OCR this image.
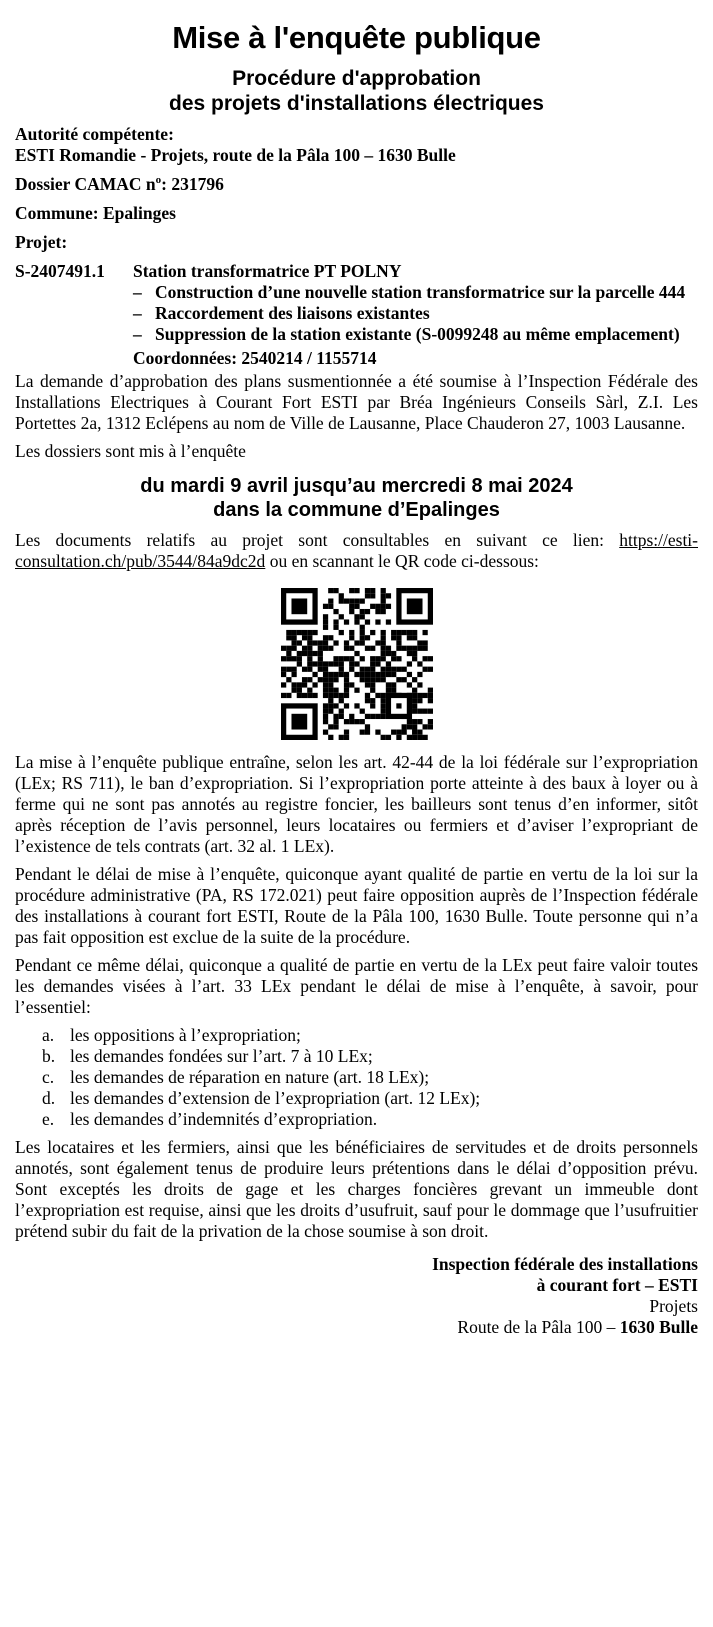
Mise à l'enquête publique
Procédure d'approbation
des projets d'installations électriques
Autorité compétente:
ESTI Romandie - Projets, route de la Pâla 100 – 1630 Bulle
Dossier CAMAC $n^o$: 231796
Commune: Epalinges
Projet:
S-2407491.1	Station transformatrice PT POLNY
– Construction d’une nouvelle station transformatrice sur la parcelle 444
– Raccordement des liaisons existantes
– Suppression de la station existante (S-0099248 au même emplacement)
Coordonnées: 2540214 / 1155714

La demande d’approbation des plans susmentionnée a été soumise à l’Inspection Fédérale des Installations Electriques à Courant Fort ESTI par Bréa Ingénieurs Conseils Sàrl, Z.I. Les Portettes 2a, 1312 Eclépens au nom de Ville de Lausanne, Place Chauderon 27, 1003 Lausanne.

Les dossiers sont mis à l’enquête

du mardi 9 avril jusqu’au mercredi 8 mai 2024
dans la commune d’Epalinges

Les documents relatifs au projet sont consultables en suivant ce lien: https://esti-consultation.ch/pub/3544/84a9dc2d ou en scannant le QR code ci-dessous:

La mise à l’enquête publique entraîne, selon les art. 42-44 de la loi fédérale sur l’expropriation (LEx; RS 711), le ban d’expropriation. Si l’expropriation porte atteinte à des baux à loyer ou à ferme qui ne sont pas annotés au registre foncier, les bailleurs sont tenus d’en informer, sitôt après réception de l’avis personnel, leurs locataires ou fermiers et d’aviser l’expropriant de l’existence de tels contrats (art. 32 al. 1 LEx).

Pendant le délai de mise à l’enquête, quiconque ayant qualité de partie en vertu de la loi sur la procédure administrative (PA, RS 172.021) peut faire opposition auprès de l’Inspection fédérale des installations à courant fort ESTI, Route de la Pâla 100, 1630 Bulle. Toute personne qui n’a pas fait opposition est exclue de la suite de la procédure.

Pendant ce même délai, quiconque a qualité de partie en vertu de la LEx peut faire valoir toutes les demandes visées à l’art. 33 LEx pendant le délai de mise à l’enquête, à savoir, pour l’essentiel:

a. les oppositions à l’expropriation;
b. les demandes fondées sur l’art. 7 à 10 LEx;
c. les demandes de réparation en nature (art. 18 LEx);
d. les demandes d’extension de l’expropriation (art. 12 LEx);
e. les demandes d’indemnités d’expropriation.

Les locataires et les fermiers, ainsi que les bénéficiaires de servitudes et de droits personnels annotés, sont également tenus de produire leurs prétentions dans le délai d’opposition prévu. Sont exceptés les droits de gage et les charges foncières grevant un immeuble dont l’expropriation est requise, ainsi que les droits d’usufruit, sauf pour le dommage que l’usufruitier prétend subir du fait de la privation de la chose soumise à son droit.

Inspection fédérale des installations
à courant fort – ESTI
Projets
Route de la Pâla 100 – 1630 Bulle
